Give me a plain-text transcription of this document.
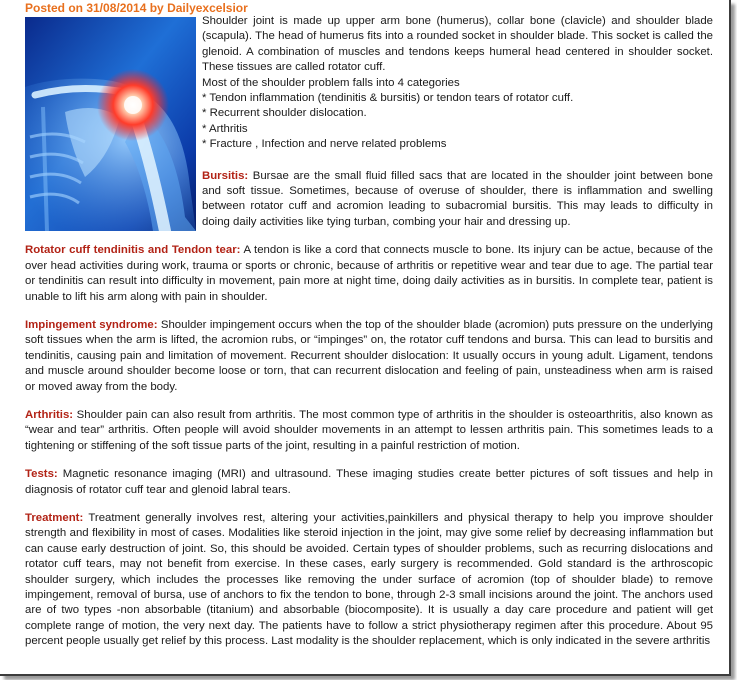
Posted on 31/08/2014 by Dailyexcelsior

Shoulder joint is made up upper arm bone (humerus), collar bone (clavicle) and shoulder blade (scapula). The head of humerus fits into a rounded socket in shoulder blade. This socket is called the glenoid. A combination of muscles and tendons keeps humeral head centered in shoulder socket. These tissues are called rotator cuff.

Most of the shoulder problem falls into 4 categories
* Tendon inflammation (tendinitis & bursitis) or tendon tears of rotator cuff.
* Recurrent shoulder dislocation.
* Arthritis
* Fracture , Infection and nerve related problems

Bursitis: Bursae are the small fluid filled sacs that are located in the shoulder joint between bone and soft tissue. Sometimes, because of overuse of shoulder, there is inflammation and swelling between rotator cuff and acromion leading to subacromial bursitis. This may leads to difficulty in doing daily activities like tying turban, combing your hair and dressing up.

Rotator cuff tendinitis and Tendon tear: A tendon is like a cord that connects muscle to bone. Its injury can be actue, because of the over head activities during work, trauma or sports or chronic, because of arthritis or repetitive wear and tear due to age. The partial tear or tendinitis can result into difficulty in movement, pain more at night time, doing daily activities as in bursitis. In complete tear, patient is unable to lift his arm along with pain in shoulder.

Impingement syndrome: Shoulder impingement occurs when the top of the shoulder blade (acromion) puts pressure on the underlying soft tissues when the arm is lifted, the acromion rubs, or “impinges” on, the rotator cuff tendons and bursa. This can lead to bursitis and tendinitis, causing pain and limitation of movement. Recurrent shoulder dislocation: It usually occurs in young adult. Ligament, tendons and muscle around shoulder become loose or torn, that can recurrent dislocation and feeling of pain, unsteadiness when arm is raised or moved away from the body.

Arthritis: Shoulder pain can also result from arthritis. The most common type of arthritis in the shoulder is osteoarthritis, also known as “wear and tear” arthritis. Often people will avoid shoulder movements in an attempt to lessen arthritis pain. This sometimes leads to a tightening or stiffening of the soft tissue parts of the joint, resulting in a painful restriction of motion.

Tests: Magnetic resonance imaging (MRI) and ultrasound. These imaging studies create better pictures of soft tissues and help in diagnosis of rotator cuff tear and glenoid labral tears.

Treatment: Treatment generally involves rest, altering your activities,painkillers and physical therapy to help you improve shoulder strength and flexibility in most of cases. Modalities like steroid injection in the joint, may give some relief by decreasing inflammation but can cause early destruction of joint. So, this should be avoided. Certain types of shoulder problems, such as recurring dislocations and rotator cuff tears, may not benefit from exercise. In these cases, early surgery is recommended. Gold standard is the arthroscopic shoulder surgery, which includes the processes like removing the under surface of acromion (top of shoulder blade) to remove impingement, removal of bursa, use of anchors to fix the tendon to bone, through 2-3 small incisions around the joint. The anchors used are of two types -non absorbable (titanium) and absorbable (biocomposite). It is usually a day care procedure and patient will get complete range of motion, the very next day. The patients have to follow a strict physiotherapy regimen after this procedure. About 95 percent people usually get relief by this process. Last modality is the shoulder replacement, which is only indicated in the severe arthritis
